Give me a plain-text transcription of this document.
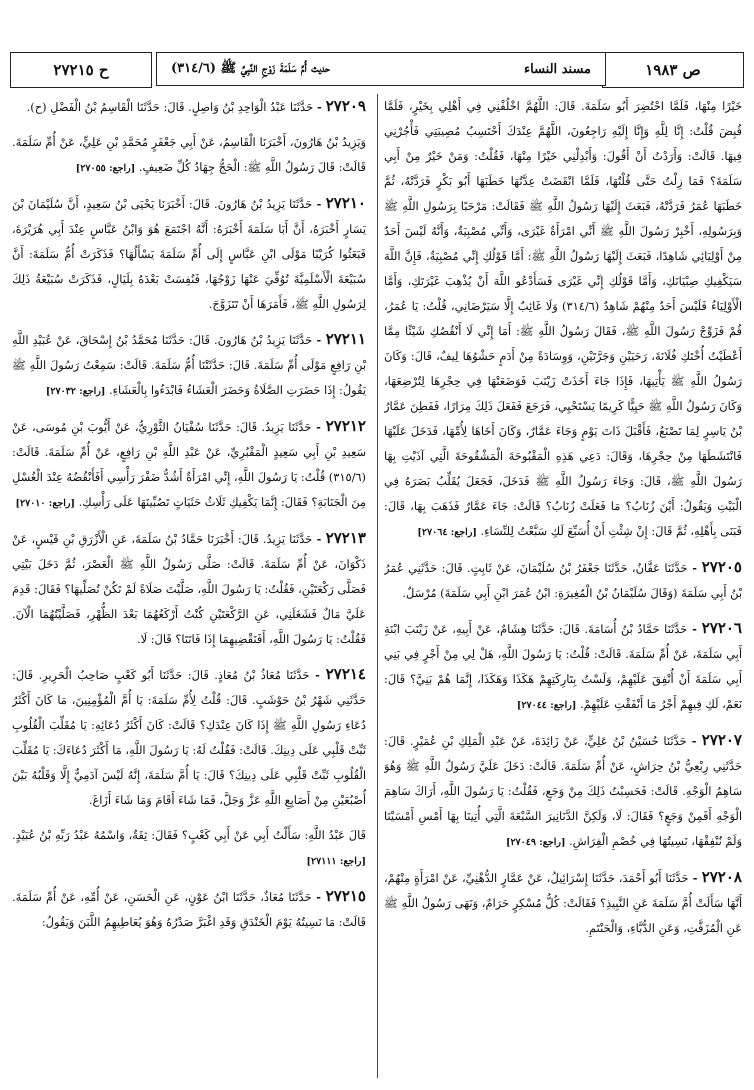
ص ١٩٨٣
مسند النساء
حديث أُمِّ سَلَمَةَ زَوْجِ النَّبِيِّ ﷺ (٣١٤/٦)
ح ٢٧٢١٥

خَيْرًا مِنْهَا، فَلَمَّا احْتُضِرَ أَبُو سَلَمَةَ. قَالَ: اللَّهُمَّ اخْلُفْنِي فِي أَهْلِي بِخَيْرٍ، فَلَمَّا قُبِضَ قُلْتُ: إِنَّا لِلَّهِ وَإِنَّا إِلَيْهِ رَاجِعُونَ، اللَّهُمَّ عِنْدَكَ أَحْتَسِبُ مُصِيبَتِي فَأْجُرْنِي فِيهَا. قَالَتْ: وَأَرَدْتُ أَنْ أَقُولَ: وَأَبْدِلْنِي خَيْرًا مِنْهَا، فَقُلْتُ: وَمَنْ خَيْرٌ مِنْ أَبِي سَلَمَةَ؟ فَمَا زِلْتُ حَتَّى قُلْتُهَا، فَلَمَّا انْقَضَتْ عِدَّتُهَا خَطَبَهَا أَبُو بَكْرٍ فَرَدَّتْهُ، ثُمَّ خَطَبَهَا عُمَرُ فَرَدَّتْهُ، فَبَعَثَ إِلَيْهَا رَسُولُ اللَّهِ ﷺ فَقَالَتْ: مَرْحَبًا بِرَسُولِ اللَّهِ ﷺ وَبِرَسُولِهِ، أَخْبِرْ رَسُولَ اللَّهِ ﷺ أَنِّي امْرَأَةٌ غَيْرَى، وَأَنِّي مُصْبِيَةٌ، وَأَنَّهُ لَيْسَ أَحَدٌ مِنْ أَوْلِيَائِي شَاهِدًا، فَبَعَثَ إِلَيْهَا رَسُولُ اللَّهِ ﷺ: أَمَّا قَوْلُكِ إِنِّي مُصْبِيَةٌ، فَإِنَّ اللَّهَ سَيَكْفِيكِ صِبْيَانَكِ، وَأَمَّا قَوْلُكِ إِنِّي غَيْرَى فَسَأَدْعُو اللَّهَ أَنْ يُذْهِبَ غَيْرَتَكِ، وَأَمَّا الْأَوْلِيَاءُ فَلَيْسَ أَحَدٌ مِنْهُمْ شَاهِدٌ (٣١٤/٦) وَلَا غَائِبٌ إِلَّا سَيَرْضَانِي، قُلْتُ: يَا عُمَرُ، قُمْ فَزَوِّجْ رَسُولَ اللَّهِ ﷺ، فَقَالَ رَسُولُ اللَّهِ ﷺ: أَمَا إِنِّي لَا أَنْقُصُكِ شَيْئًا مِمَّا أَعْطَيْتُ أُخْتَكِ فُلَانَةَ، رَحَيَيْنِ وَجَرَّتَيْنِ، وَوِسَادَةً مِنْ أَدَمٍ حَشْوُهَا لِيفٌ، قَالَ: وَكَانَ رَسُولُ اللَّهِ ﷺ يَأْتِيهَا، فَإِذَا جَاءَ أَخَذَتْ زَيْنَبَ فَوَضَعَتْهَا فِي حِجْرِهَا لِتُرْضِعَهَا، وَكَانَ رَسُولُ اللَّهِ ﷺ حَيِيًّا كَرِيمًا يَسْتَحْيِي، فَرَجَعَ فَفَعَلَ ذَلِكَ مِرَارًا، فَفَطِنَ عَمَّارُ بْنُ يَاسِرٍ لِمَا تَصْنَعُ، فَأَقْبَلَ ذَاتَ يَوْمٍ وَجَاءَ عَمَّارٌ، وَكَانَ أَخَاهَا لِأُمِّهَا، فَدَخَلَ عَلَيْهَا فَانْتَشَطَهَا مِنْ حِجْرِهَا، وَقَالَ: دَعِي هَذِهِ الْمَقْبُوحَةَ الْمَشْقُوحَةَ الَّتِي آذَيْتِ بِهَا رَسُولَ اللَّهِ ﷺ، قَالَ: وَجَاءَ رَسُولُ اللَّهِ ﷺ فَدَخَلَ، فَجَعَلَ يُقَلِّبُ بَصَرَهُ فِي الْبَيْتِ وَيَقُولُ: أَيْنَ زُنَابُ؟ مَا فَعَلَتْ زُنَابُ؟ قَالَتْ: جَاءَ عَمَّارٌ فَذَهَبَ بِهَا، قَالَ: فَبَنَى بِأَهْلِهِ، ثُمَّ قَالَ: إِنْ شِئْتِ أَنْ أُسَبِّعَ لَكِ سَبَّعْتُ لِلنِّسَاءِ. [راجع: ٢٧٠٦٤]

٢٧٢٠٥ - حَدَّثَنَا عَفَّانُ، حَدَّثَنَا جَعْفَرُ بْنُ سُلَيْمَانَ، عَنْ ثَابِتٍ. قَالَ: حَدَّثَنِي عُمَرُ بْنُ أَبِي سَلَمَةَ (وَقَالَ سُلَيْمَانُ بْنُ الْمُغِيرَةِ: ابْنُ عُمَرَ ابْنِ أَبِي سَلَمَةَ) مُرْسَلٌ.

٢٧٢٠٦ - حَدَّثَنَا حَمَّادُ بْنُ أُسَامَةَ. قَالَ: حَدَّثَنَا هِشَامٌ، عَنْ أَبِيهِ، عَنْ زَيْنَبَ ابْنَةِ أَبِي سَلَمَةَ، عَنْ أُمِّ سَلَمَةَ. قَالَتْ: قُلْتُ: يَا رَسُولَ اللَّهِ، هَلْ لِي مِنْ أَجْرٍ فِي بَنِي أَبِي سَلَمَةَ أَنْ أُنْفِقَ عَلَيْهِمْ، وَلَسْتُ بِتَارِكَتِهِمْ هَكَذَا وَهَكَذَا، إِنَّمَا هُمْ بَنِيَّ؟ قَالَ: نَعَمْ، لَكِ فِيهِمْ أَجْرُ مَا أَنْفَقْتِ عَلَيْهِمْ. [راجع: ٢٧٠٤٤]

٢٧٢٠٧ - حَدَّثَنَا حُسَيْنُ بْنُ عَلِيٍّ، عَنْ زَائِدَةَ، عَنْ عَبْدِ الْمَلِكِ بْنِ عُمَيْرٍ. قَالَ: حَدَّثَنِي رِبْعِيُّ بْنُ حِرَاشٍ، عَنْ أُمِّ سَلَمَةَ. قَالَتْ: دَخَلَ عَلَيَّ رَسُولُ اللَّهِ ﷺ وَهُوَ سَاهِمُ الْوَجْهِ. قَالَتْ: فَحَسِبْتُ ذَلِكَ مِنْ وَجَعٍ، فَقُلْتُ: يَا رَسُولَ اللَّهِ، أَرَاكَ سَاهِمَ الْوَجْهِ أَفَمِنْ وَجَعٍ؟ فَقَالَ: لَا، وَلَكِنَّ الدَّنَانِيرَ السَّبْعَةَ الَّتِي أُتِينَا بِهَا أَمْسِ أَمْسَيْنَا وَلَمْ نُنْفِقْهَا، نَسِيتُهَا فِي خُصْمِ الْفِرَاشِ. [راجع: ٢٧٠٤٩]

٢٧٢٠٨ - حَدَّثَنَا أَبُو أَحْمَدَ، حَدَّثَنَا إِسْرَائِيلُ، عَنْ عَمَّارٍ الدُّهْنِيِّ، عَنْ امْرَأَةٍ مِنْهُمْ، أَنَّهَا سَأَلَتْ أُمَّ سَلَمَةَ عَنِ النَّبِيذِ؟ فَقَالَتْ: كُلُّ مُسْكِرٍ حَرَامٌ، وَنَهَى رَسُولُ اللَّهِ ﷺ عَنِ الْمُزَفَّتِ، وَعَنِ الدُّبَّاءِ، وَالْحَنْتَمِ.

٢٧٢٠٩ - حَدَّثَنَا عَبْدُ الْوَاحِدِ بْنُ وَاصِلٍ. قَالَ: حَدَّثَنَا الْقَاسِمُ بْنُ الْفَضْلِ (ح).

وَيَزِيدُ بْنُ هَارُونَ، أَخْبَرَنَا الْقَاسِمُ، عَنْ أَبِي جَعْفَرٍ مُحَمَّدِ بْنِ عَلِيٍّ، عَنْ أُمِّ سَلَمَةَ. قَالَتْ: قَالَ رَسُولُ اللَّهِ ﷺ: الْحَجُّ جِهَادُ كُلِّ ضَعِيفٍ. [راجع: ٢٧٠٥٥]

٢٧٢١٠ - حَدَّثَنَا يَزِيدُ بْنُ هَارُونَ. قَالَ: أَخْبَرَنَا يَحْيَى بْنُ سَعِيدٍ، أَنَّ سُلَيْمَانَ بْنَ يَسَارٍ أَخْبَرَهُ، أَنَّ أَبَا سَلَمَةَ أَخْبَرَهُ: أَنَّهُ اجْتَمَعَ هُوَ وَابْنُ عَبَّاسٍ عِنْدَ أَبِي هُرَيْرَةَ، فَبَعَثُوا كُرَيْبًا مَوْلَى ابْنِ عَبَّاسٍ إِلَى أُمِّ سَلَمَةَ يَسْأَلُهَا؟ فَذَكَرَتْ أُمُّ سَلَمَةَ: أَنَّ سُبَيْعَةَ الْأَسْلَمِيَّةَ تُوُفِّيَ عَنْهَا زَوْجُهَا، فَنُفِسَتْ بَعْدَهُ بِلَيَالٍ، فَذَكَرَتْ سُبَيْعَةُ ذَلِكَ لِرَسُولِ اللَّهِ ﷺ، فَأَمَرَهَا أَنْ تَتَزَوَّجَ.

٢٧٢١١ - حَدَّثَنَا يَزِيدُ بْنُ هَارُونَ. قَالَ: حَدَّثَنَا مُحَمَّدُ بْنُ إِسْحَاقَ، عَنْ عُبَيْدِ اللَّهِ بْنِ رَافِعٍ مَوْلَى أُمِّ سَلَمَةَ. قَالَ: حَدَّثَتْنَا أُمُّ سَلَمَةَ. قَالَتْ: سَمِعْتُ رَسُولَ اللَّهِ ﷺ يَقُولُ: إِذَا حَضَرَتِ الصَّلَاةُ وَحَضَرَ الْعَشَاءُ فَابْدَءُوا بِالْعَشَاءِ. [راجع: ٢٧٠٣٢]

٢٧٢١٢ - حَدَّثَنَا يَزِيدُ. قَالَ: حَدَّثَنَا سُفْيَانُ الثَّوْرِيُّ، عَنْ أَيُّوبَ بْنِ مُوسَى، عَنْ سَعِيدِ بْنِ أَبِي سَعِيدٍ الْمَقْبُرِيِّ، عَنْ عَبْدِ اللَّهِ بْنِ رَافِعٍ، عَنْ أُمِّ سَلَمَةَ. قَالَتْ: (٣١٥/٦) قُلْتُ: يَا رَسُولَ اللَّهِ، إِنِّي امْرَأَةٌ أَشُدُّ ضَفْرَ رَأْسِي أَفَأَنْقُضُهُ عِنْدَ الْغُسْلِ مِنَ الْجَنَابَةِ؟ فَقَالَ: إِنَّمَا يَكْفِيكِ ثَلَاثُ حَثَيَاتٍ تَصُبِّينَهَا عَلَى رَأْسِكِ. [راجع: ٢٧٠١٠]

٢٧٢١٣ - حَدَّثَنَا يَزِيدُ. قَالَ: أَخْبَرَنَا حَمَّادُ بْنُ سَلَمَةَ، عَنِ الْأَزْرَقِ بْنِ قَيْسٍ، عَنْ ذَكْوَانَ، عَنْ أُمِّ سَلَمَةَ. قَالَتْ: صَلَّى رَسُولُ اللَّهِ ﷺ الْعَصْرَ، ثُمَّ دَخَلَ بَيْتِي فَصَلَّى رَكْعَتَيْنِ، فَقُلْتُ: يَا رَسُولَ اللَّهِ، صَلَّيْتَ صَلَاةً لَمْ تَكُنْ تُصَلِّيهَا؟ فَقَالَ: قَدِمَ عَلَيَّ مَالٌ فَشَغَلَنِي، عَنِ الرَّكْعَتَيْنِ كُنْتُ أَرْكَعُهُمَا بَعْدَ الظُّهْرِ، فَصَلَّيْتُهُمَا الْآنَ. فَقُلْتُ: يَا رَسُولَ اللَّهِ، أَفَنَقْضِيهِمَا إِذَا فَاتَتَا؟ قَالَ: لَا.

٢٧٢١٤ - حَدَّثَنَا مُعَاذُ بْنُ مُعَاذٍ. قَالَ: حَدَّثَنَا أَبُو كَعْبٍ صَاحِبُ الْحَرِيرِ. قَالَ: حَدَّثَنِي شَهْرُ بْنُ حَوْشَبٍ. قَالَ: قُلْتُ لِأُمِّ سَلَمَةَ: يَا أُمَّ الْمُؤْمِنِينَ، مَا كَانَ أَكْثَرُ دُعَاءِ رَسُولِ اللَّهِ ﷺ إِذَا كَانَ عِنْدَكِ؟ قَالَتْ: كَانَ أَكْثَرُ دُعَائِهِ: يَا مُقَلِّبَ الْقُلُوبِ ثَبِّتْ قَلْبِي عَلَى دِينِكَ. قَالَتْ: فَقُلْتُ لَهُ: يَا رَسُولَ اللَّهِ، مَا أَكْثَرَ دُعَاءَكَ: يَا مُقَلِّبَ الْقُلُوبِ ثَبِّتْ قَلْبِي عَلَى دِينِكَ؟ قَالَ: يَا أُمَّ سَلَمَةَ، إِنَّهُ لَيْسَ آدَمِيٌّ إِلَّا وَقَلْبُهُ بَيْنَ أُصْبُعَيْنِ مِنْ أَصَابِعِ اللَّهِ عَزَّ وَجَلَّ، فَمَا شَاءَ أَقَامَ وَمَا شَاءَ أَزَاغَ.

قَالَ عَبْدُ اللَّهِ: سَأَلْتُ أَبِي عَنْ أَبِي كَعْبٍ؟ فَقَالَ: ثِقَةٌ، وَاسْمُهُ عَبْدُ رَبِّهِ بْنُ عُبَيْدٍ. [راجع: ٢٧١١١]

٢٧٢١٥ - حَدَّثَنَا مُعَاذٌ، حَدَّثَنَا ابْنُ عَوْنٍ، عَنِ الْحَسَنِ، عَنْ أُمِّهِ، عَنْ أُمِّ سَلَمَةَ. قَالَتْ: مَا نَسِيتُهُ يَوْمَ الْخَنْدَقِ وَقَدِ اغْبَرَّ صَدْرُهُ وَهُوَ يُعَاطِيهِمُ اللَّبَنَ وَيَقُولُ:
